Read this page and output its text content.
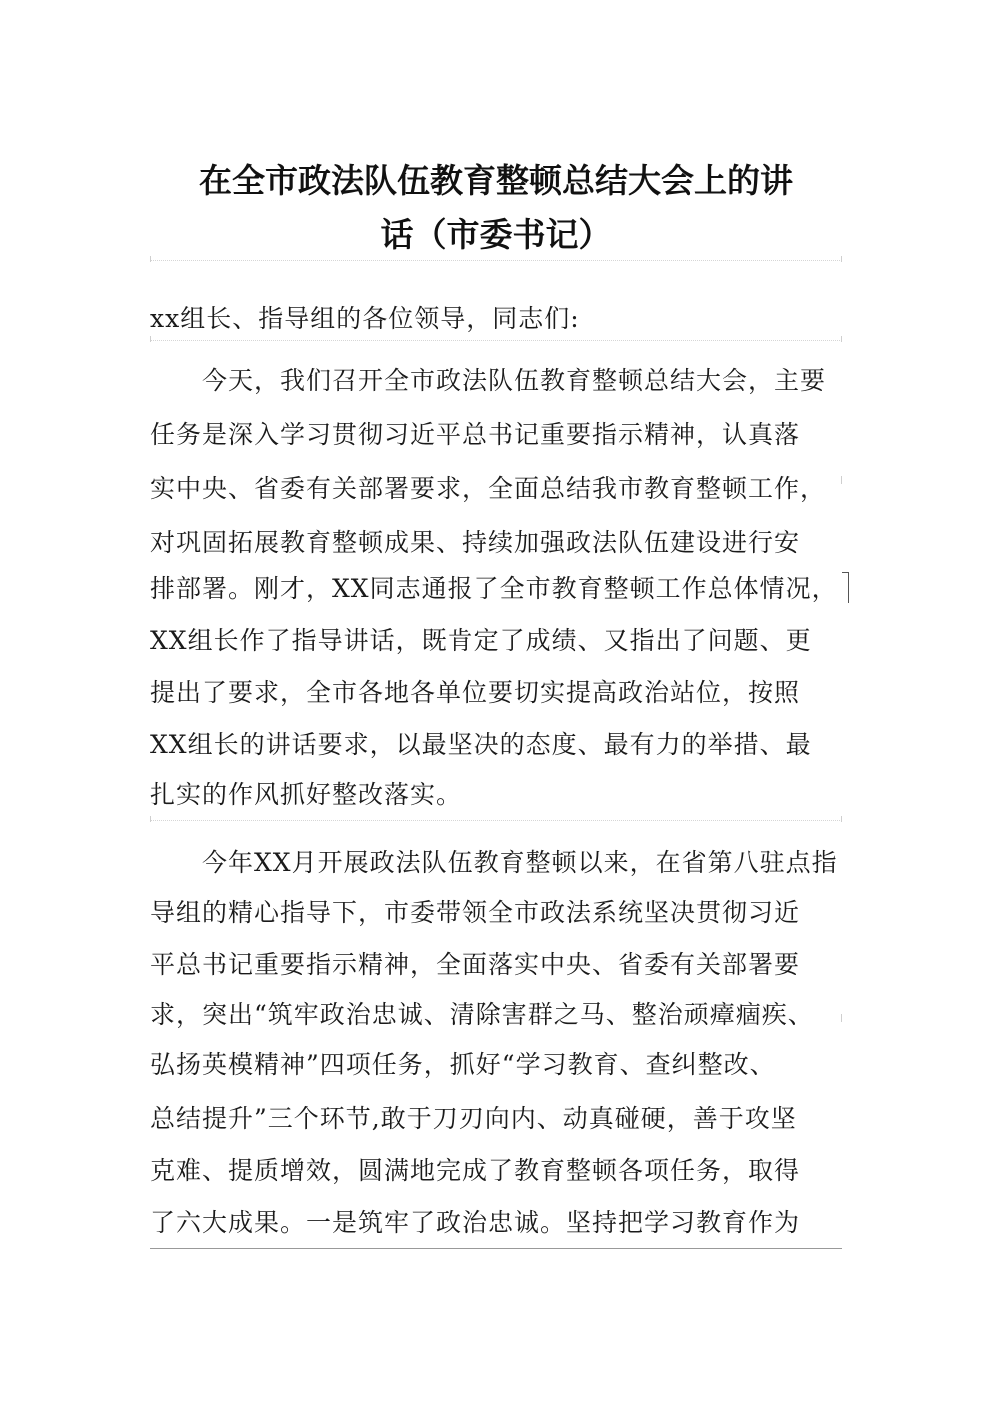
在全市政法队伍教育整顿总结大会上的讲
话（市委书记）

xx组长、指导组的各位领导，同志们:

　　今天，我们召开全市政法队伍教育整顿总结大会，主要

任务是深入学习贯彻习近平总书记重要指示精神，认真落

实中央、省委有关部署要求，全面总结我市教育整顿工作，

对巩固拓展教育整顿成果、持续加强政法队伍建设进行安

排部署。刚才，XX同志通报了全市教育整顿工作总体情况，

XX组长作了指导讲话，既肯定了成绩、又指出了问题、更

提出了要求，全市各地各单位要切实提高政治站位，按照

XX组长的讲话要求，以最坚决的态度、最有力的举措、最

扎实的作风抓好整改落实。

　　今年XX月开展政法队伍教育整顿以来，在省第八驻点指

导组的精心指导下，市委带领全市政法系统坚决贯彻习近

平总书记重要指示精神，全面落实中央、省委有关部署要

求，突出“筑牢政治忠诚、清除害群之马、整治顽瘴痼疾、

弘扬英模精神”四项任务，抓好“学习教育、查纠整改、

总结提升”三个环节,敢于刀刃向内、动真碰硬，善于攻坚

克难、提质增效，圆满地完成了教育整顿各项任务，取得

了六大成果。一是筑牢了政治忠诚。坚持把学习教育作为
